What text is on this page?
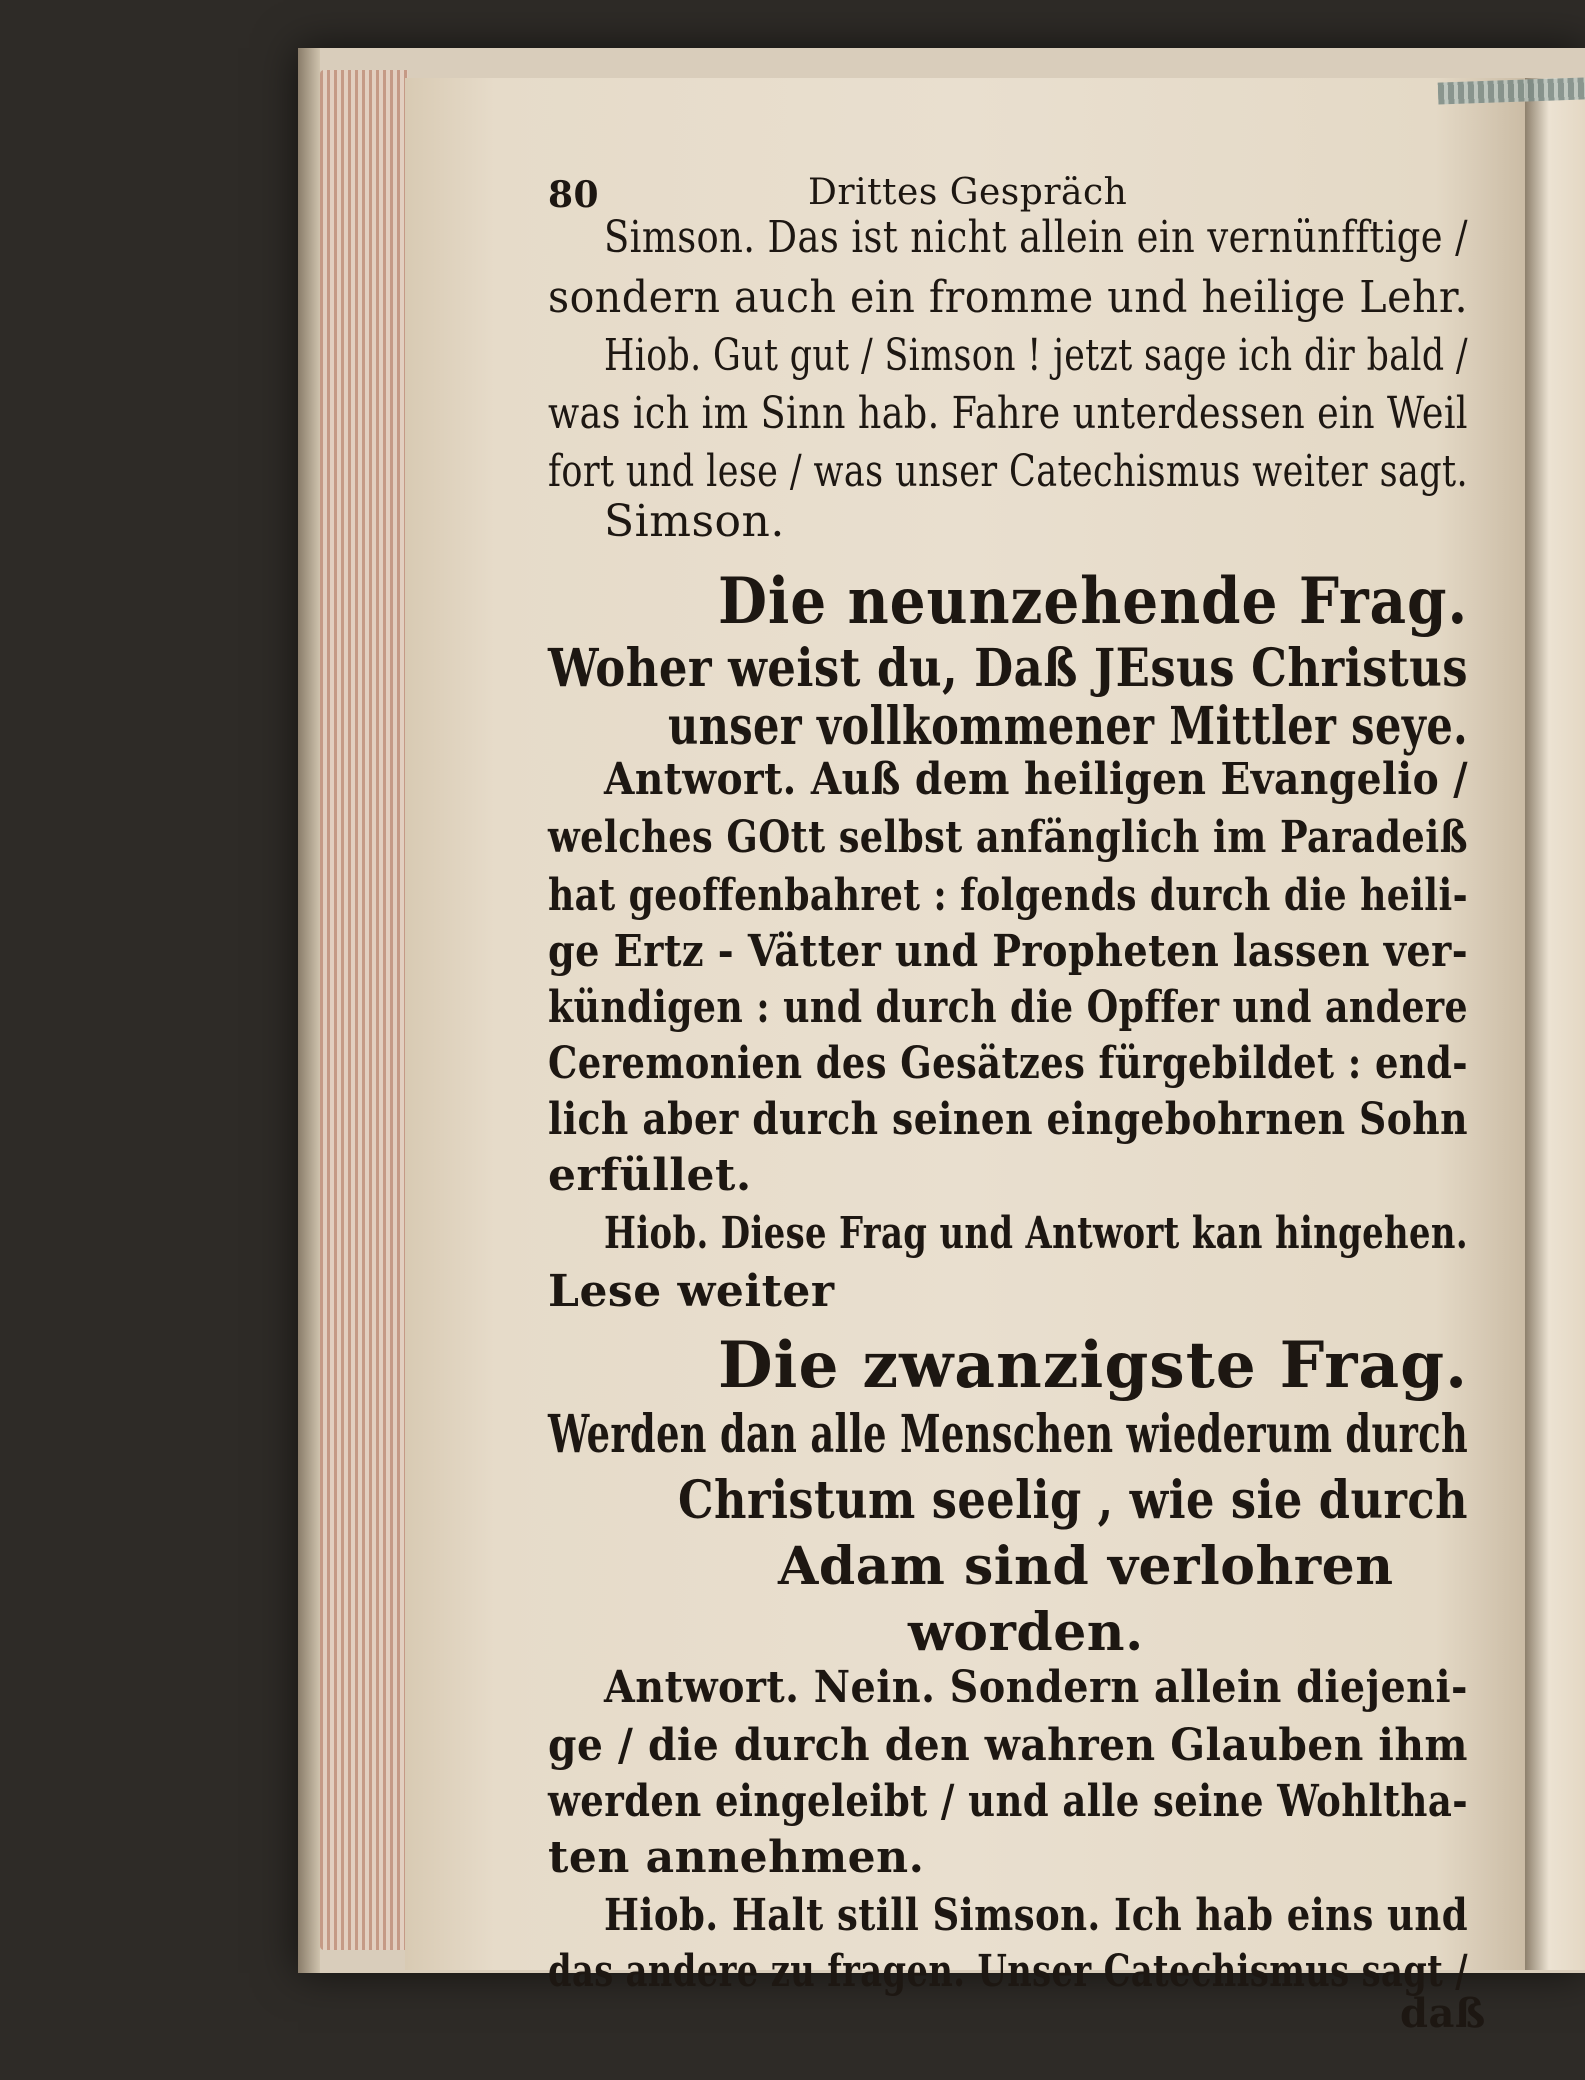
80	Drittes Gespräch
Simson. Das ist nicht allein ein vernünfftige /
sondern auch ein fromme und heilige Lehr.
Hiob. Gut gut / Simson ! jetzt sage ich dir bald /
was ich im Sinn hab. Fahre unterdessen ein Weil
fort und lese / was unser Catechismus weiter sagt.
Simson.
Die neunzehende Frag.
Woher weist du, Daß JEsus Christus
unser vollkommener Mittler seye.
Antwort. Auß dem heiligen Evangelio /
welches GOtt selbst anfänglich im Paradeiß
hat geoffenbahret : folgends durch die heili-
ge Ertz - Vätter und Propheten lassen ver-
kündigen : und durch die Opffer und andere
Ceremonien des Gesätzes fürgebildet : end-
lich aber durch seinen eingebohrnen Sohn
erfüllet.
Hiob. Diese Frag und Antwort kan hingehen.
Lese weiter
Die zwanzigste Frag.
Werden dan alle Menschen wiederum durch
Christum seelig , wie sie durch
Adam sind verlohren
worden.
Antwort. Nein. Sondern allein diejeni-
ge / die durch den wahren Glauben ihm
werden eingeleibt / und alle seine Wohltha-
ten annehmen.
Hiob. Halt still Simson. Ich hab eins und
das andere zu fragen. Unser Catechismus sagt /
daß
